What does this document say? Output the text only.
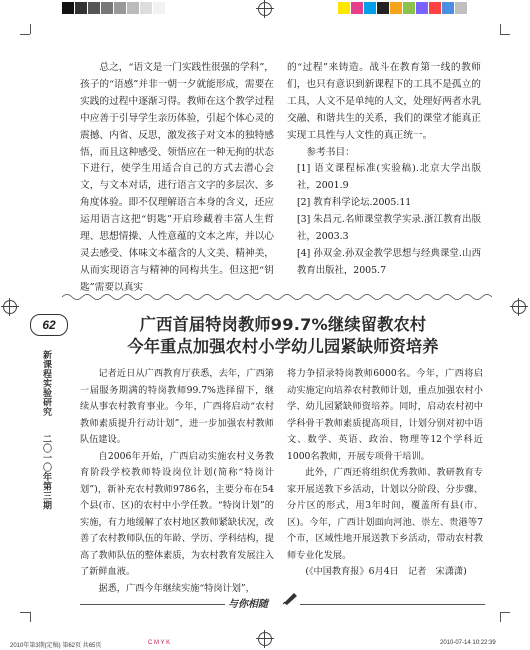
总之，“语文是一门实践性很强的学科”，孩子的“语感”并非一朝一夕就能形成，需要在实践的过程中逐渐习得。教师在这个教学过程中应善于引导学生亲历体验，引起个体心灵的震撼、内省、反思，激发孩子对文本的独特感悟，而且这种感受、领悟应在一种无拘的状态下进行，使学生用适合自己的方式去潜心会文，与文本对话，进行语言文字的多层次、多角度体验。即不仅理解语言本身的含义，还应运用语言这把“钥匙”开启珍藏着丰富人生哲理、思想情操、人性意蕴的文本之库，并以心灵去感受、体味文本蕴含的人文美、精神美，从而实现语言与精神的同构共生。但这把“钥匙”需要以真实

的“过程”来铸造。战斗在教育第一线的教师们，也只有意识到新课程下的工具不是孤立的工具，人文不是单纯的人文，处理好两者水乳交融、和谐共生的关系，我们的课堂才能真正实现工具性与人文性的真正统一。

参考书目：

[1] 语文课程标准(实验稿).北京大学出版社，2001.9

[2] 教育科学论坛.2005.11

[3] 朱昌元.名师课堂教学实录.浙江教育出版社，2003.3

[4] 孙双金.孙双金教学思想与经典课堂.山西教育出版社，2005.7

62
新课程实验研究
二〇一〇年第三期
广西首届特岗教师99.7%继续留教农村
今年重点加强农村小学幼儿园紧缺师资培养

记者近日从广西教育厅获悉，去年，广西第一届服务期满的特岗教师99.7%选择留下，继续从事农村教育事业。今年，广西将启动“农村教师素质提升行动计划”，进一步加强农村教师队伍建设。

自2006年开始，广西启动实施农村义务教育阶段学校教师特设岗位计划(简称“特岗计划”)，新补充农村教师9786名，主要分布在54个县(市、区)的农村中小学任教。“特岗计划”的实施，有力地缓解了农村地区教师紧缺状况，改善了农村教师队伍的年龄、学历、学科结构，提高了教师队伍的整体素质，为农村教育发展注入了新鲜血液。

据悉，广西今年继续实施“特岗计划”，

将力争招录特岗教师6000名。今年，广西将启动实施定向培养农村教师计划，重点加强农村小学、幼儿园紧缺师资培养。同时，启动农村初中学科骨干教师素质提高项目，计划分别对初中语文、数学、英语、政治、物理等12个学科近1000名教师，开展专项骨干培训。

此外，广西还将组织优秀教师、教研教育专家开展送教下乡活动，计划以分阶段、分步骤、分片区的形式，用3年时间，覆盖所有县(市、区)。今年，广西计划面向河池、崇左、贵港等7个市，区域性地开展送教下乡活动，带动农村教师专业化发展。

(《中国教育报》6月4日　记者　宋潇潇)

与你相随
2010年第3期(定稿) 第62页 共65页	C M Y K	2010-07-14 10:22:39
